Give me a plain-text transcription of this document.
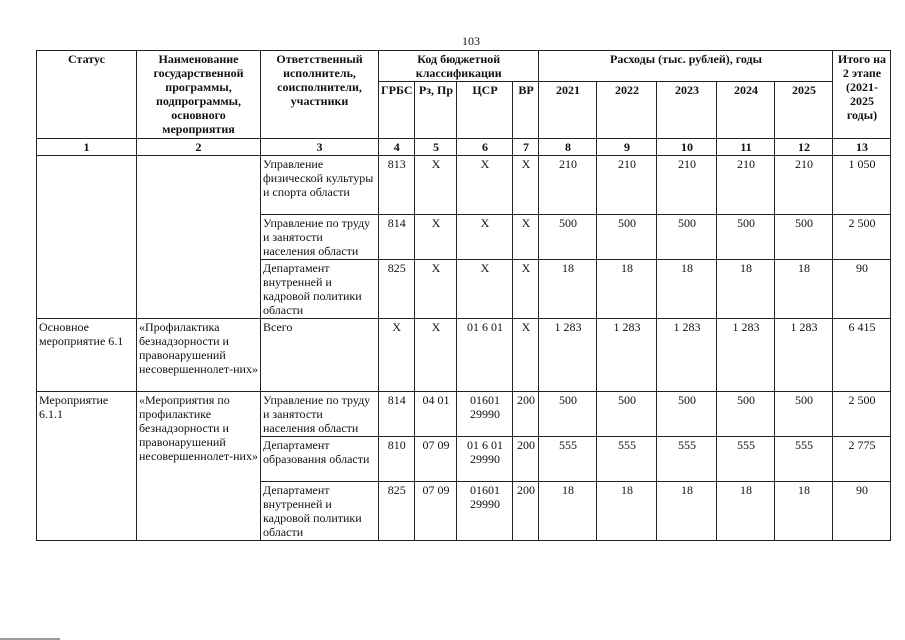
103
Статус	Наименование государственной программы, подпрограммы, основного мероприятия	Ответственный исполнитель, соисполнители, участники	Код бюджетной классификации				Расходы (тыс. рублей), годы					Итого на 2 этапе (2021-2025 годы)
			ГРБС	Рз, Пр	ЦСР	ВР	2021	2022	2023	2024	2025	
1	2	3	4	5	6	7	8	9	10	11	12	13
		Управление физической культуры и спорта области	813	Х	Х	Х	210	210	210	210	210	1 050
		Управление по труду и занятости населения области	814	Х	Х	Х	500	500	500	500	500	2 500
		Департамент внутренней и кадровой политики области	825	Х	Х	Х	18	18	18	18	18	90
Основное мероприятие 6.1	«Профилактика безнадзорности и правонарушений несовершеннолет-них»	Всего	Х	Х	01 6 01	Х	1 283	1 283	1 283	1 283	1 283	6 415
Мероприятие 6.1.1	«Мероприятия по профилактике безнадзорности и правонарушений несовершеннолет-них»	Управление по труду и занятости населения области	814	04 01	01601 29990	200	500	500	500	500	500	2 500
		Департамент образования области	810	07 09	01 6 01 29990	200	555	555	555	555	555	2 775
		Департамент внутренней и кадровой политики области	825	07 09	01601 29990	200	18	18	18	18	18	90
